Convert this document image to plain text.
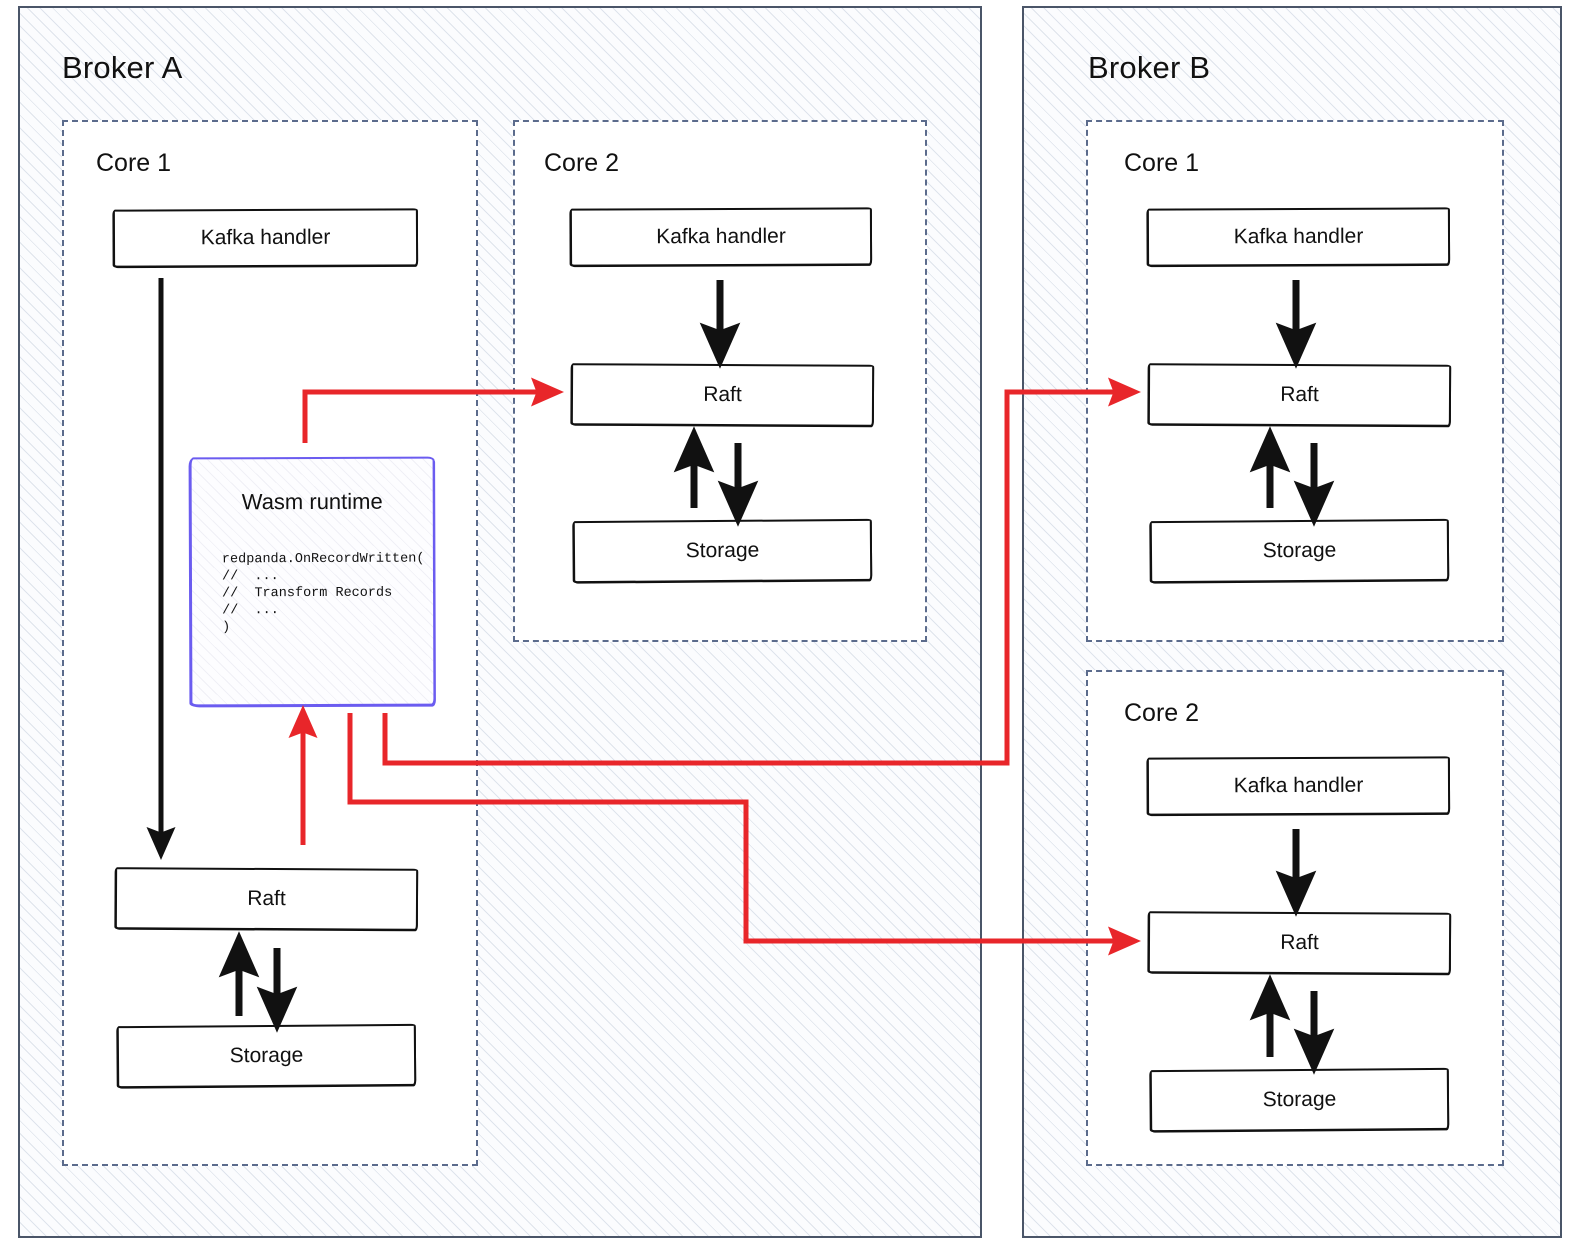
Broker A
Core 1
Kafka handler
Wasm runtime
redpanda.OnRecordWritten(
//  ...
//  Transform Records
//  ...
)
Raft
Storage
Core 2
Kafka handler
Raft
Storage
Broker B
Core 1
Kafka handler
Raft
Storage
Core 2
Kafka handler
Raft
Storage
